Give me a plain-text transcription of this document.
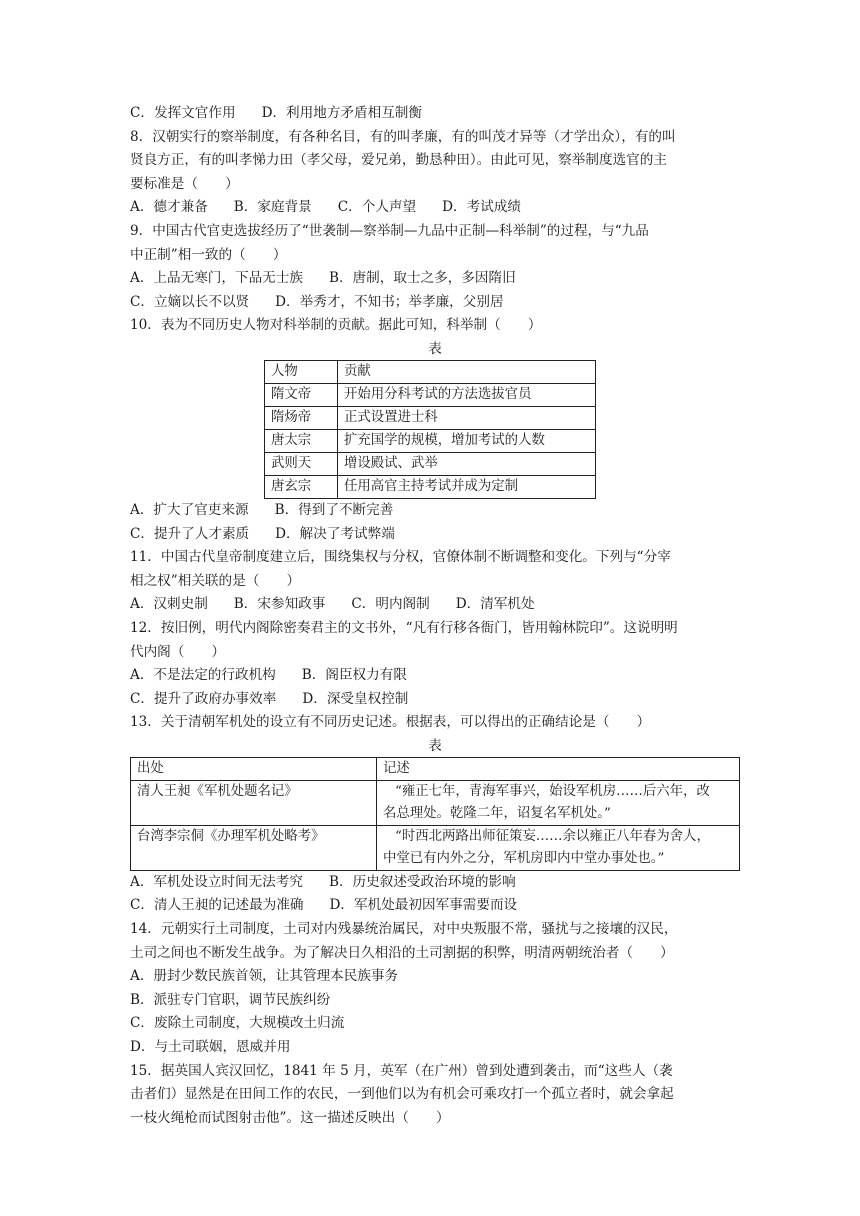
C．发挥文官作用 D．利用地方矛盾相互制衡
8．汉朝实行的察举制度，有各种名目，有的叫孝廉，有的叫茂才异等（才学出众），有的叫
贤良方正，有的叫孝悌力田（孝父母，爱兄弟，勤恳种田）。由此可见，察举制度选官的主
要标准是（　　）
A．德才兼备 B．家庭背景 C．个人声望 D．考试成绩
9．中国古代官吏选拔经历了“世袭制—察举制—九品中正制—科举制”的过程，与“九品
中正制”相一致的（　　）
A．上品无寒门，下品无士族 B．唐制，取士之多，多因隋旧
C．立嫡以长不以贤 D．举秀才，不知书；举孝廉，父别居
10．表为不同历史人物对科举制的贡献。据此可知，科举制（　　）
表
人物	贡献
隋文帝	开始用分科考试的方法选拔官员
隋炀帝	正式设置进士科
唐太宗	扩充国学的规模，增加考试的人数
武则天	增设殿试、武举
唐玄宗	任用高官主持考试并成为定制
A．扩大了官吏来源 B．得到了不断完善
C．提升了人才素质 D．解决了考试弊端
11．中国古代皇帝制度建立后，围绕集权与分权，官僚体制不断调整和变化。下列与“分宰
相之权”相关联的是（　　）
A．汉刺史制 B．宋参知政事 C．明内阁制 D．清军机处
12．按旧例，明代内阁除密奏君主的文书外，“凡有行移各衙门，皆用翰林院印”。这说明明
代内阁（　　）
A．不是法定的行政机构 B．阁臣权力有限
C．提升了政府办事效率 D．深受皇权控制
13．关于清朝军机处的设立有不同历史记述。根据表，可以得出的正确结论是（　　）
表
出处	记述
清人王昶《军机处题名记》	“雍正七年，青海军事兴，始设军机房……后六年，改
名总理处。乾隆二年，诏复名军机处。”

台湾李宗侗《办理军机处略考》	“时西北两路出师征策妄……余以雍正八年春为舍人，
中堂已有内外之分，军机房即内中堂办事处也。”
A．军机处设立时间无法考究 B．历史叙述受政治环境的影响
C．清人王昶的记述最为准确 D．军机处最初因军事需要而设
14．元朝实行土司制度，土司对内残暴统治属民，对中央叛服不常，骚扰与之接壤的汉民，
土司之间也不断发生战争。为了解决日久相沿的土司割据的积弊，明清两朝统治者（　　）
A．册封少数民族首领，让其管理本民族事务
B．派驻专门官职，调节民族纠纷
C．废除土司制度，大规模改土归流
D．与土司联姻，恩威并用
15．据英国人宾汉回忆，1841 年 5 月，英军（在广州）曾到处遭到袭击，而“这些人（袭
击者们）显然是在田间工作的农民，一到他们以为有机会可乘攻打一个孤立者时，就会拿起
一枝火绳枪而试图射击他”。这一描述反映出（　　）
